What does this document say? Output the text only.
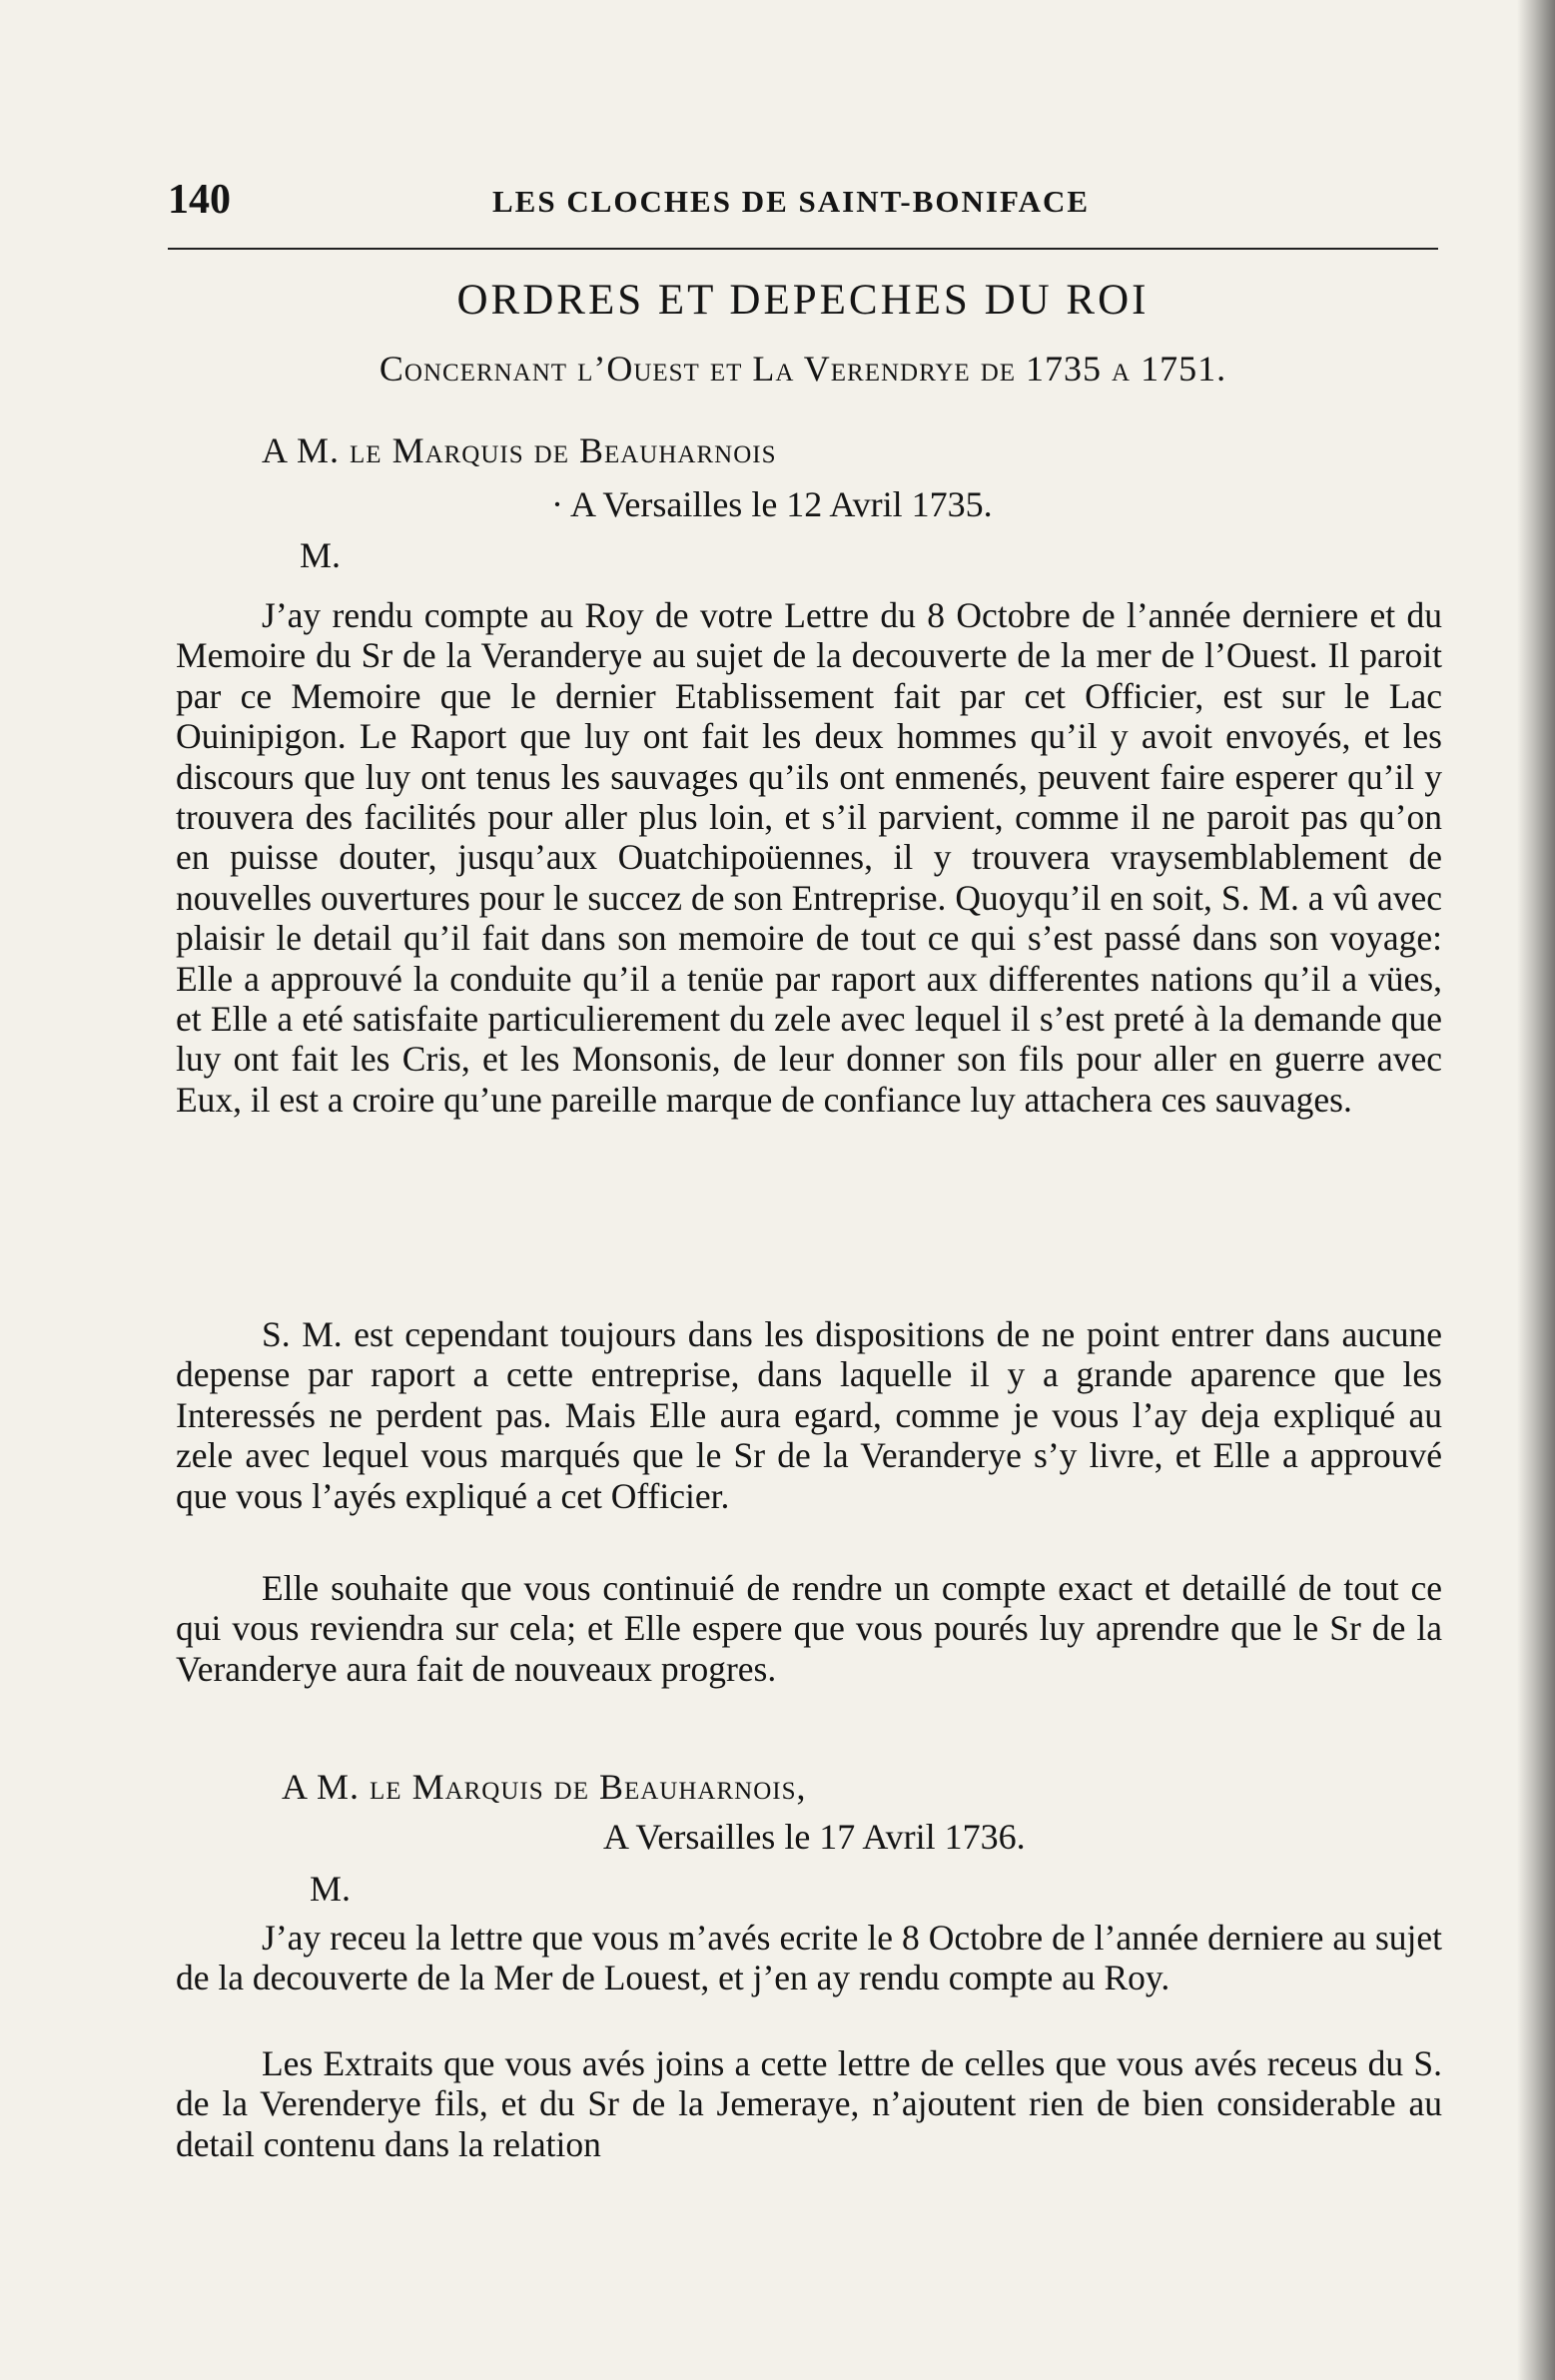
140	LES CLOCHES DE SAINT-BONIFACE
ORDRES ET DEPECHES DU ROI
Concernant l’Ouest et La Verendrye de 1735 a 1751.
A M. le Marquis de Beauharnois
· A Versailles le 12 Avril 1735.
M.

J’ay rendu compte au Roy de votre Lettre du 8 Octobre de l’année derniere et du Memoire du Sr de la Veranderye au sujet de la decouverte de la mer de l’Ouest. Il paroit par ce Memoire que le dernier Etablissement fait par cet Officier, est sur le Lac Ouinipigon. Le Raport que luy ont fait les deux hommes qu’il y avoit envoyés, et les discours que luy ont tenus les sauvages qu’ils ont enmenés, peuvent faire esperer qu’il y trouvera des facilités pour aller plus loin, et s’il parvient, comme il ne paroit pas qu’on en puisse douter, jusqu’aux Ouatchipoüennes, il y trouvera vraysemblablement de nouvelles ouvertures pour le succez de son Entreprise. Quoyqu’il en soit, S. M. a vû avec plaisir le detail qu’il fait dans son memoire de tout ce qui s’est passé dans son voyage: Elle a approuvé la conduite qu’il a tenüe par raport aux differentes nations qu’il a vües, et Elle a eté satisfaite particulierement du zele avec lequel il s’est preté à la demande que luy ont fait les Cris, et les Monsonis, de leur donner son fils pour aller en guerre avec Eux, il est a croire qu’une pareille marque de confiance luy attachera ces sauvages.

S. M. est cependant toujours dans les dispositions de ne point entrer dans aucune depense par raport a cette entreprise, dans laquelle il y a grande aparence que les Interessés ne perdent pas. Mais Elle aura egard, comme je vous l’ay deja expliqué au zele avec lequel vous marqués que le Sr de la Veranderye s’y livre, et Elle a approuvé que vous l’ayés expliqué a cet Officier.

Elle souhaite que vous continuié de rendre un compte exact et detaillé de tout ce qui vous reviendra sur cela; et Elle espere que vous pourés luy aprendre que le Sr de la Veranderye aura fait de nouveaux progres.

A M. le Marquis de Beauharnois,
A Versailles le 17 Avril 1736.
M.

J’ay receu la lettre que vous m’avés ecrite le 8 Octobre de l’année derniere au sujet de la decouverte de la Mer de Louest, et j’en ay rendu compte au Roy.

Les Extraits que vous avés joins a cette lettre de celles que vous avés receus du S. de la Verenderye fils, et du Sr de la Jemeraye, n’ajoutent rien de bien considerable au detail contenu dans la relation
